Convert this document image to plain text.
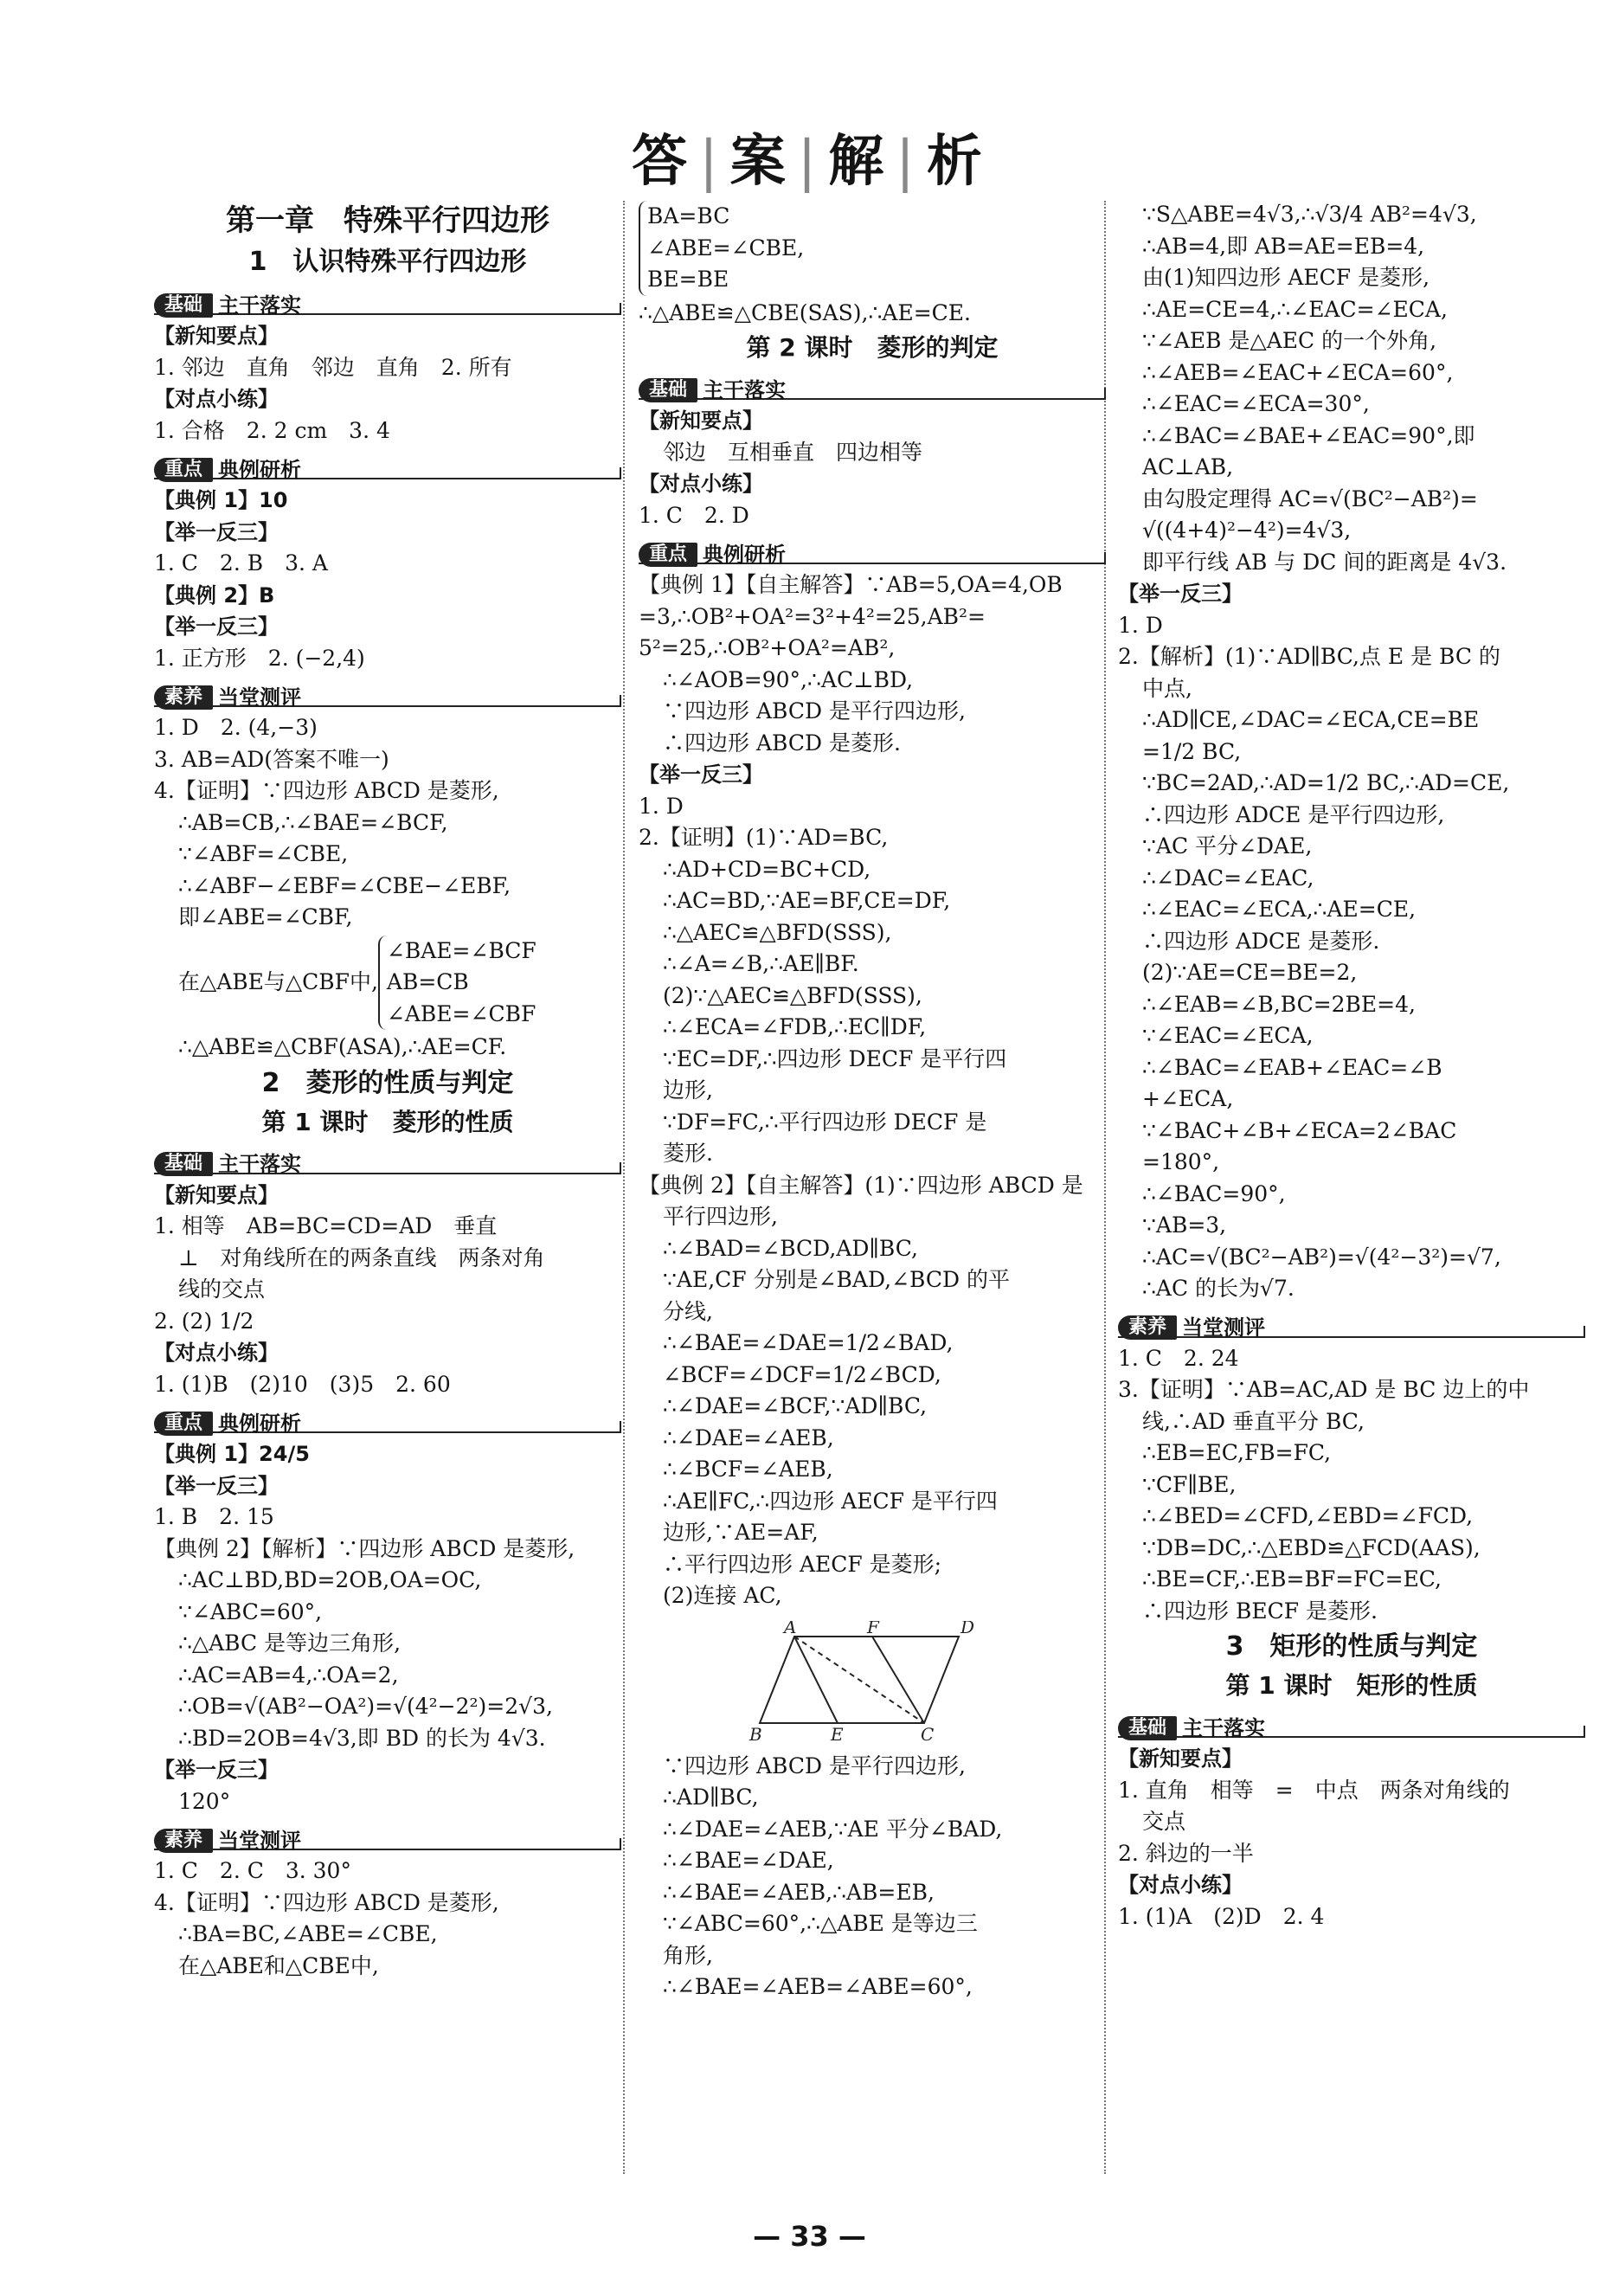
答 | 案 | 解 | 析
第一章　特殊平行四边形
1　认识特殊平行四边形
基础 主干落实
【新知要点】
1. 邻边　直角　邻边　直角　2. 所有
【对点小练】
1. 合格　2. 2 cm　3. 4
重点 典例研析
【典例 1】10
【举一反三】
1. C　2. B　3. A
【典例 2】B
【举一反三】
1. 正方形　2. (−2,4)
素养 当堂测评
1. D　2. (4,−3)
3. AB=AD(答案不唯一)
4.【证明】∵四边形 ABCD 是菱形,
∴AB=CB,∴∠BAE=∠BCF,
∵∠ABF=∠CBE,
∴∠ABF−∠EBF=∠CBE−∠EBF,
即∠ABE=∠CBF,
在△ABE与△CBF中,
∠BAE=∠BCF
AB=CB
∠ABE=∠CBF
∴△ABE≌△CBF(ASA),∴AE=CF.
2　菱形的性质与判定
第 1 课时　菱形的性质
基础 主干落实
【新知要点】
1. 相等　AB=BC=CD=AD　垂直
⊥　对角线所在的两条直线　两条对角
线的交点
2. (2) 1/2
【对点小练】
1. (1)B　(2)10　(3)5　2. 60
重点 典例研析
【典例 1】24/5
【举一反三】
1. B　2. 15
【典例 2】【解析】∵四边形 ABCD 是菱形,
∴AC⊥BD,BD=2OB,OA=OC,
∵∠ABC=60°,
∴△ABC 是等边三角形,
∴AC=AB=4,∴OA=2,
∴OB=√(AB²−OA²)=√(4²−2²)=2√3,
∴BD=2OB=4√3,即 BD 的长为 4√3.
【举一反三】
120°
素养 当堂测评
1. C　2. C　3. 30°
4.【证明】∵四边形 ABCD 是菱形,
∴BA=BC,∠ABE=∠CBE,
在△ABE和△CBE中,
BA=BC
∠ABE=∠CBE,
BE=BE
∴△ABE≌△CBE(SAS),∴AE=CE.
第 2 课时　菱形的判定
基础 主干落实
【新知要点】
邻边　互相垂直　四边相等
【对点小练】
1. C　2. D
重点 典例研析
【典例 1】【自主解答】∵AB=5,OA=4,OB
=3,∴OB²+OA²=3²+4²=25,AB²=
5²=25,∴OB²+OA²=AB²,
∴∠AOB=90°,∴AC⊥BD,
∵四边形 ABCD 是平行四边形,
∴四边形 ABCD 是菱形.
【举一反三】
1. D
2.【证明】(1)∵AD=BC,
∴AD+CD=BC+CD,
∴AC=BD,∵AE=BF,CE=DF,
∴△AEC≌△BFD(SSS),
∴∠A=∠B,∴AE∥BF.
(2)∵△AEC≌△BFD(SSS),
∴∠ECA=∠FDB,∴EC∥DF,
∵EC=DF,∴四边形 DECF 是平行四
边形,
∵DF=FC,∴平行四边形 DECF 是
菱形.
【典例 2】【自主解答】(1)∵四边形 ABCD 是
平行四边形,
∴∠BAD=∠BCD,AD∥BC,
∵AE,CF 分别是∠BAD,∠BCD 的平
分线,
∴∠BAE=∠DAE=1/2∠BAD,
∠BCF=∠DCF=1/2∠BCD,
∴∠DAE=∠BCF,∵AD∥BC,
∴∠DAE=∠AEB,
∴∠BCF=∠AEB,
∴AE∥FC,∴四边形 AECF 是平行四
边形,∵AE=AF,
∴平行四边形 AECF 是菱形;
(2)连接 AC,
A	F	D
B	E	C
∵四边形 ABCD 是平行四边形,
∴AD∥BC,
∴∠DAE=∠AEB,∵AE 平分∠BAD,
∴∠BAE=∠DAE,
∴∠BAE=∠AEB,∴AB=EB,
∵∠ABC=60°,∴△ABE 是等边三
角形,
∴∠BAE=∠AEB=∠ABE=60°,
∵S△ABE=4√3,∴√3/4 AB²=4√3,
∴AB=4,即 AB=AE=EB=4,
由(1)知四边形 AECF 是菱形,
∴AE=CE=4,∴∠EAC=∠ECA,
∵∠AEB 是△AEC 的一个外角,
∴∠AEB=∠EAC+∠ECA=60°,
∴∠EAC=∠ECA=30°,
∴∠BAC=∠BAE+∠EAC=90°,即
AC⊥AB,
由勾股定理得 AC=√(BC²−AB²)=
√((4+4)²−4²)=4√3,
即平行线 AB 与 DC 间的距离是 4√3.
【举一反三】
1. D
2.【解析】(1)∵AD∥BC,点 E 是 BC 的
中点,
∴AD∥CE,∠DAC=∠ECA,CE=BE
=1/2 BC,
∵BC=2AD,∴AD=1/2 BC,∴AD=CE,
∴四边形 ADCE 是平行四边形,
∵AC 平分∠DAE,
∴∠DAC=∠EAC,
∴∠EAC=∠ECA,∴AE=CE,
∴四边形 ADCE 是菱形.
(2)∵AE=CE=BE=2,
∴∠EAB=∠B,BC=2BE=4,
∵∠EAC=∠ECA,
∴∠BAC=∠EAB+∠EAC=∠B
+∠ECA,
∵∠BAC+∠B+∠ECA=2∠BAC
=180°,
∴∠BAC=90°,
∵AB=3,
∴AC=√(BC²−AB²)=√(4²−3²)=√7,
∴AC 的长为√7.
素养 当堂测评
1. C　2. 24
3.【证明】∵AB=AC,AD 是 BC 边上的中
线,∴AD 垂直平分 BC,
∴EB=EC,FB=FC,
∵CF∥BE,
∴∠BED=∠CFD,∠EBD=∠FCD,
∵DB=DC,∴△EBD≌△FCD(AAS),
∴BE=CF,∴EB=BF=FC=EC,
∴四边形 BECF 是菱形.
3　矩形的性质与判定
第 1 课时　矩形的性质
基础 主干落实
【新知要点】
1. 直角　相等　=　中点　两条对角线的
交点
2. 斜边的一半
【对点小练】
1. (1)A　(2)D　2. 4
— 33 —
